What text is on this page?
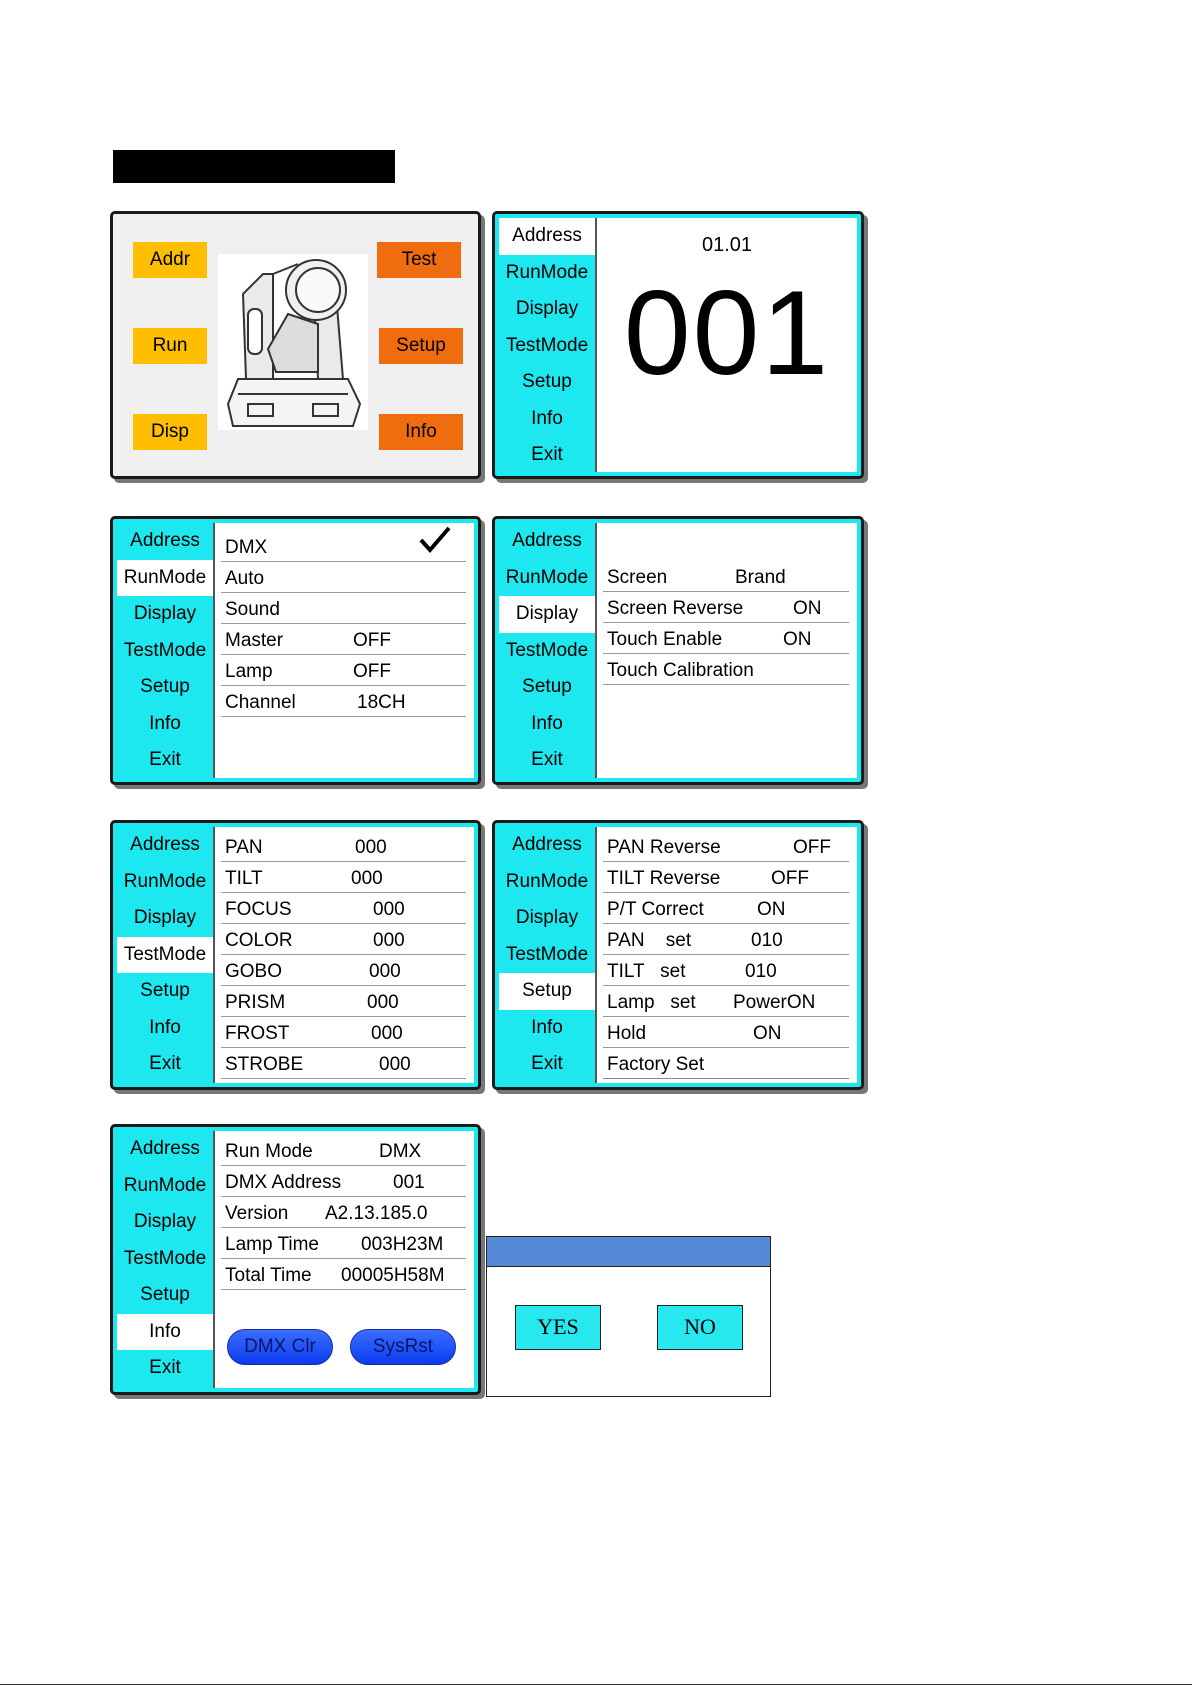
Addr
Run
Disp
Test
Setup
Info
Address
RunMode
Display
TestMode
Setup
Info
Exit
01.01
001
Address
RunMode
Display
TestMode
Setup
Info
Exit
DMX
Auto
Sound
Master	OFF
Lamp	OFF
Channel	18CH
Address
RunMode
Display
TestMode
Setup
Info
Exit
Screen	Brand
Screen Reverse	ON
Touch Enable	ON
Touch Calibration
Address
RunMode
Display
TestMode
Setup
Info
Exit
PAN	000
TILT	000
FOCUS	000
COLOR	000
GOBO	000
PRISM	000
FROST	000
STROBE	000
Address
RunMode
Display
TestMode
Setup
Info
Exit
PAN Reverse	OFF
TILT Reverse	OFF
P/T Correct	ON
PAN    set	010
TILT   set	010
Lamp   set PowerON
Hold	ON
Factory Set
Address
RunMode
Display
TestMode
Setup
Info
Exit
Run Mode	DMX
DMX Address	001
Version A2.13.185.0
Lamp Time 003H23M
Total Time 00005H58M
DMX Clr	SysRst
YES	NO
